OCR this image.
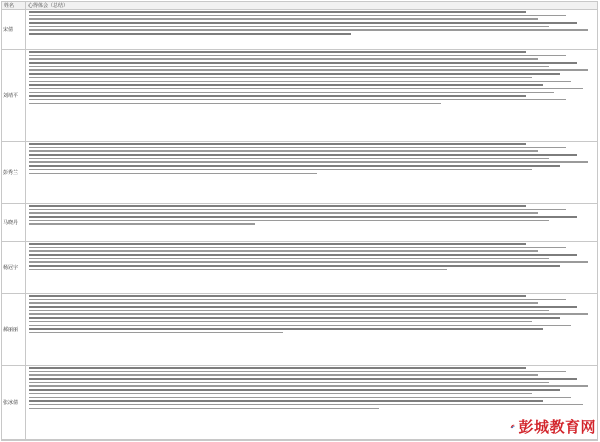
姓名	心得体会（总结）
宋倩
刘靖平
彭秀兰
马晓丹
杨冠宇
郝丽丽
张冰倩
彭城教育网
